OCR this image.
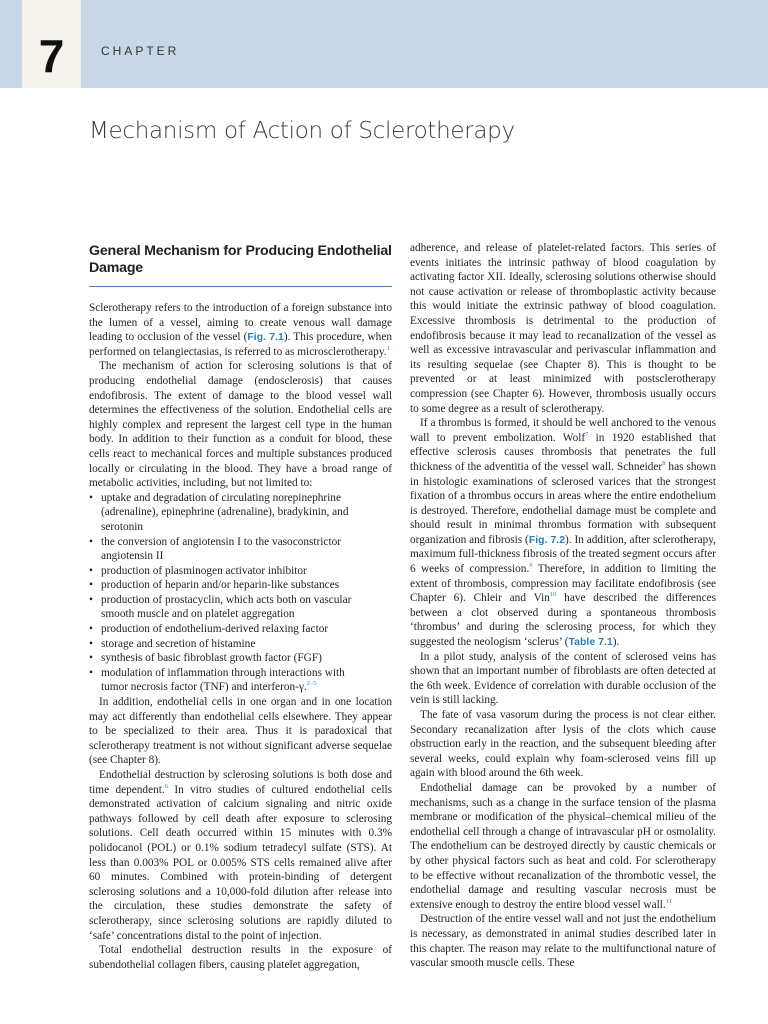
7	CHAPTER
Mechanism of Action of Sclerotherapy
General Mechanism for Producing Endothelial Damage

Sclerotherapy refers to the introduction of a foreign substance into the lumen of a vessel, aiming to create venous wall damage leading to occlusion of the vessel (Fig. 7.1). This procedure, when performed on telangiectasias, is referred to as microsclerotherapy.$^1$

The mechanism of action for sclerosing solutions is that of producing endothelial damage (endosclerosis) that causes endofibrosis. The extent of damage to the blood vessel wall determines the effectiveness of the solution. Endothelial cells are highly complex and represent the largest cell type in the human body. In addition to their function as a conduit for blood, these cells react to mechanical forces and multiple substances produced locally or circulating in the blood. They have a broad range of metabolic activities, including, but not limited to:

• uptake and degradation of circulating norepinephrine (adrenaline), epinephrine (adrenaline), bradykinin, and serotonin
• the conversion of angiotensin I to the vasoconstrictor angiotensin II
• production of plasminogen activator inhibitor
• production of heparin and/or heparin-like substances
• production of prostacyclin, which acts both on vascular smooth muscle and on platelet aggregation
• production of endothelium-derived relaxing factor
• storage and secretion of histamine
• synthesis of basic fibroblast growth factor (FGF)
• modulation of inflammation through interactions with tumor necrosis factor (TNF) and interferon-γ.$^{2-5}$

In addition, endothelial cells in one organ and in one location may act differently than endothelial cells elsewhere. They appear to be specialized to their area. Thus it is paradoxical that sclerotherapy treatment is not without significant adverse sequelae (see Chapter 8).

Endothelial destruction by sclerosing solutions is both dose and time dependent.$^6$ In vitro studies of cultured endothelial cells demonstrated activation of calcium signaling and nitric oxide pathways followed by cell death after exposure to sclerosing solutions. Cell death occurred within 15 minutes with 0.3% polidocanol (POL) or 0.1% sodium tetradecyl sulfate (STS). At less than 0.003% POL or 0.005% STS cells remained alive after 60 minutes. Combined with protein-binding of detergent sclerosing solutions and a 10,000-fold dilution after release into the circulation, these studies demonstrate the safety of sclerotherapy, since sclerosing solutions are rapidly diluted to ‘safe’ concentrations distal to the point of injection.

Total endothelial destruction results in the exposure of subendothelial collagen fibers, causing platelet aggregation,

adherence, and release of platelet-related factors. This series of events initiates the intrinsic pathway of blood coagulation by activating factor XII. Ideally, sclerosing solutions otherwise should not cause activation or release of thromboplastic activity because this would initiate the extrinsic pathway of blood coagulation. Excessive thrombosis is detrimental to the production of endofibrosis because it may lead to recanalization of the vessel as well as excessive intravascular and perivascular inflammation and its resulting sequelae (see Chapter 8). This is thought to be prevented or at least minimized with postsclerotherapy compression (see Chapter 6). However, thrombosis usually occurs to some degree as a result of sclerotherapy.

If a thrombus is formed, it should be well anchored to the venous wall to prevent embolization. Wolf$^7$ in 1920 established that effective sclerosis causes thrombosis that penetrates the full thickness of the adventitia of the vessel wall. Schneider$^8$ has shown in histologic examinations of sclerosed varices that the strongest fixation of a thrombus occurs in areas where the entire endothelium is destroyed. Therefore, endothelial damage must be complete and should result in minimal thrombus formation with subsequent organization and fibrosis (Fig. 7.2). In addition, after sclerotherapy, maximum full-thickness fibrosis of the treated segment occurs after 6 weeks of compression.$^9$ Therefore, in addition to limiting the extent of thrombosis, compression may facilitate endofibrosis (see Chapter 6). Chleir and Vin$^{10}$ have described the differences between a clot observed during a spontaneous thrombosis ‘thrombus’ and during the sclerosing process, for which they suggested the neologism ‘sclerus’ (Table 7.1).

In a pilot study, analysis of the content of sclerosed veins has shown that an important number of fibroblasts are often detected at the 6th week. Evidence of correlation with durable occlusion of the vein is still lacking.

The fate of vasa vasorum during the process is not clear either. Secondary recanalization after lysis of the clots which cause obstruction early in the reaction, and the subsequent bleeding after several weeks, could explain why foam-sclerosed veins fill up again with blood around the 6th week.

Endothelial damage can be provoked by a number of mechanisms, such as a change in the surface tension of the plasma membrane or modification of the physical–chemical milieu of the endothelial cell through a change of intravascular pH or osmolality. The endothelium can be destroyed directly by caustic chemicals or by other physical factors such as heat and cold. For sclerotherapy to be effective without recanalization of the thrombotic vessel, the endothelial damage and resulting vascular necrosis must be extensive enough to destroy the entire blood vessel wall.$^{11}$

Destruction of the entire vessel wall and not just the endothelium is necessary, as demonstrated in animal studies described later in this chapter. The reason may relate to the multifunctional nature of vascular smooth muscle cells. These
